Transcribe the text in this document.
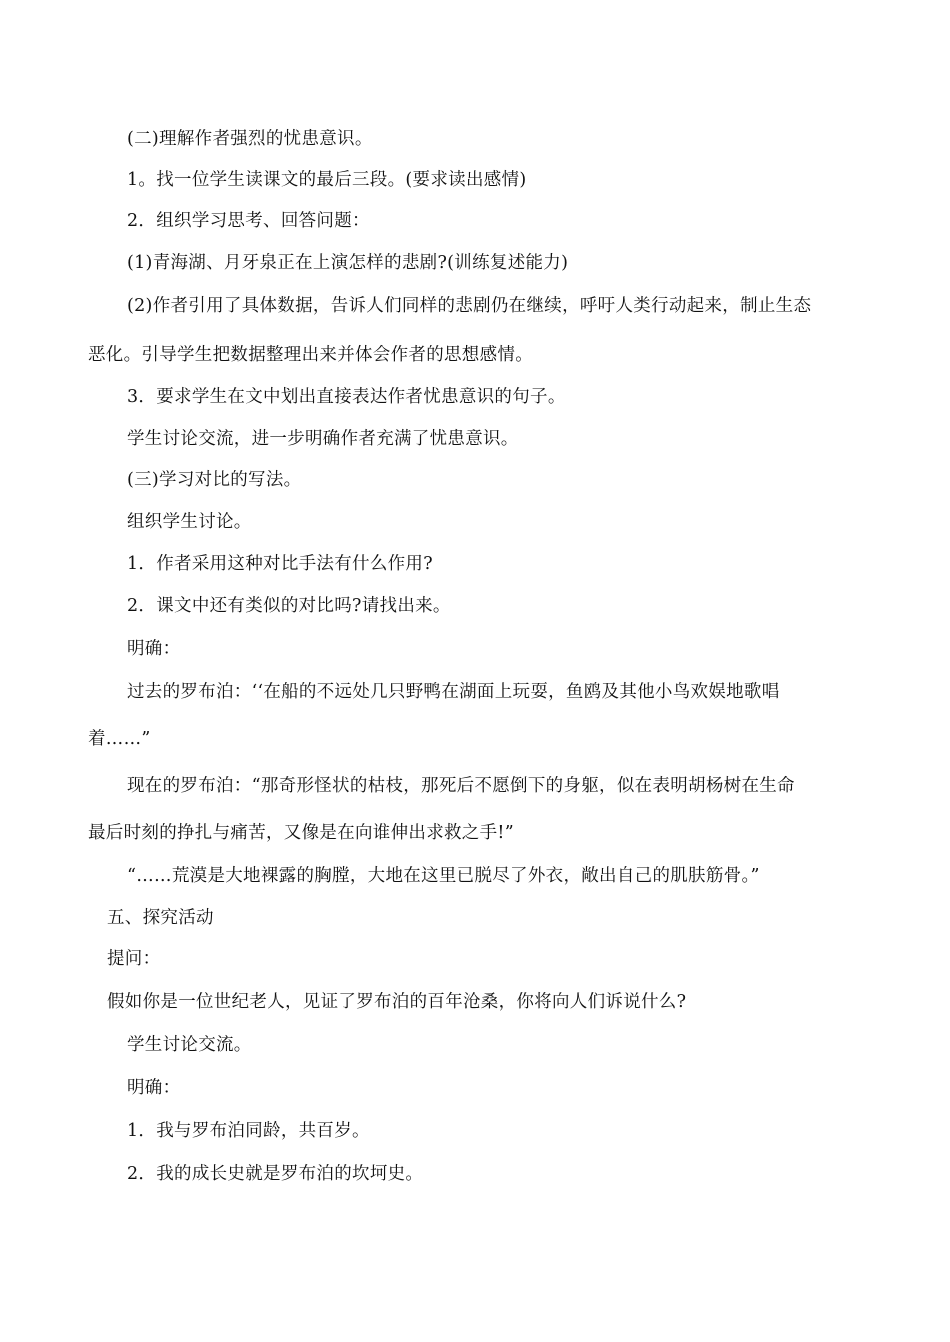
(二)理解作者强烈的忧患意识。

1。找一位学生读课文的最后三段。(要求读出感情)

2．组织学习思考、回答问题：

(1)青海湖、月牙泉正在上演怎样的悲剧?(训练复述能力)

(2)作者引用了具体数据，告诉人们同样的悲剧仍在继续，呼吁人类行动起来，制止生态

恶化。引导学生把数据整理出来并体会作者的思想感情。

3．要求学生在文中划出直接表达作者忧患意识的句子。

学生讨论交流，进一步明确作者充满了忧患意识。

(三)学习对比的写法。

组织学生讨论。

1．作者采用这种对比手法有什么作用?

2．课文中还有类似的对比吗?请找出来。

明确：

过去的罗布泊：‘‘在船的不远处几只野鸭在湖面上玩耍，鱼鸥及其他小鸟欢娱地歌唱

着……”

现在的罗布泊：“那奇形怪状的枯枝，那死后不愿倒下的身躯，似在表明胡杨树在生命

最后时刻的挣扎与痛苦，又像是在向谁伸出求救之手!”

“……荒漠是大地裸露的胸膛，大地在这里已脱尽了外衣，敞出自己的肌肤筋骨。”

五、探究活动

提问：

假如你是一位世纪老人，见证了罗布泊的百年沧桑，你将向人们诉说什么?

学生讨论交流。

明确：

1．我与罗布泊同龄，共百岁。

2．我的成长史就是罗布泊的坎坷史。
